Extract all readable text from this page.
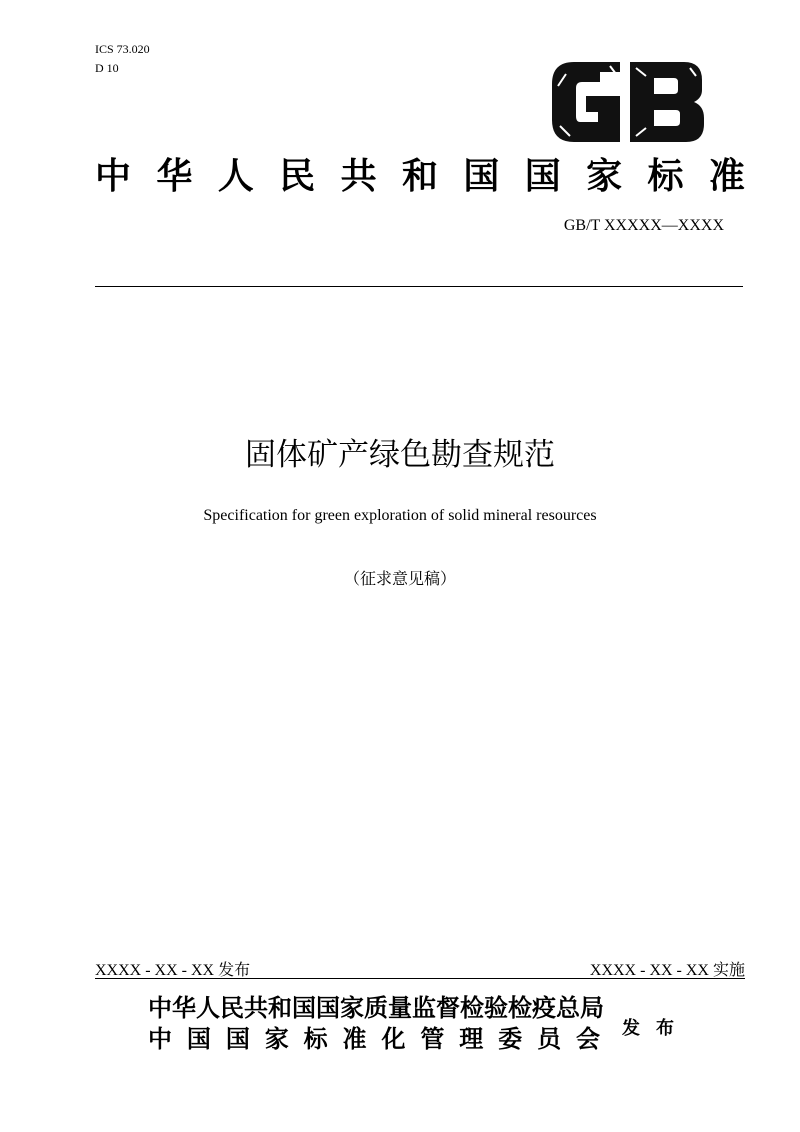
ICS 73.020
D 10
中 华 人 民 共 和 国 国 家 标 准
GB/T XXXXX—XXXX
固体矿产绿色勘查规范
Specification for green exploration of solid mineral resources
（征求意见稿）
XXXX - XX - XX 发布	XXXX - XX - XX 实施
中华人民共和国国家质量监督检验检疫总局
中 国 国 家 标 准 化 管 理 委 员 会 发 布
